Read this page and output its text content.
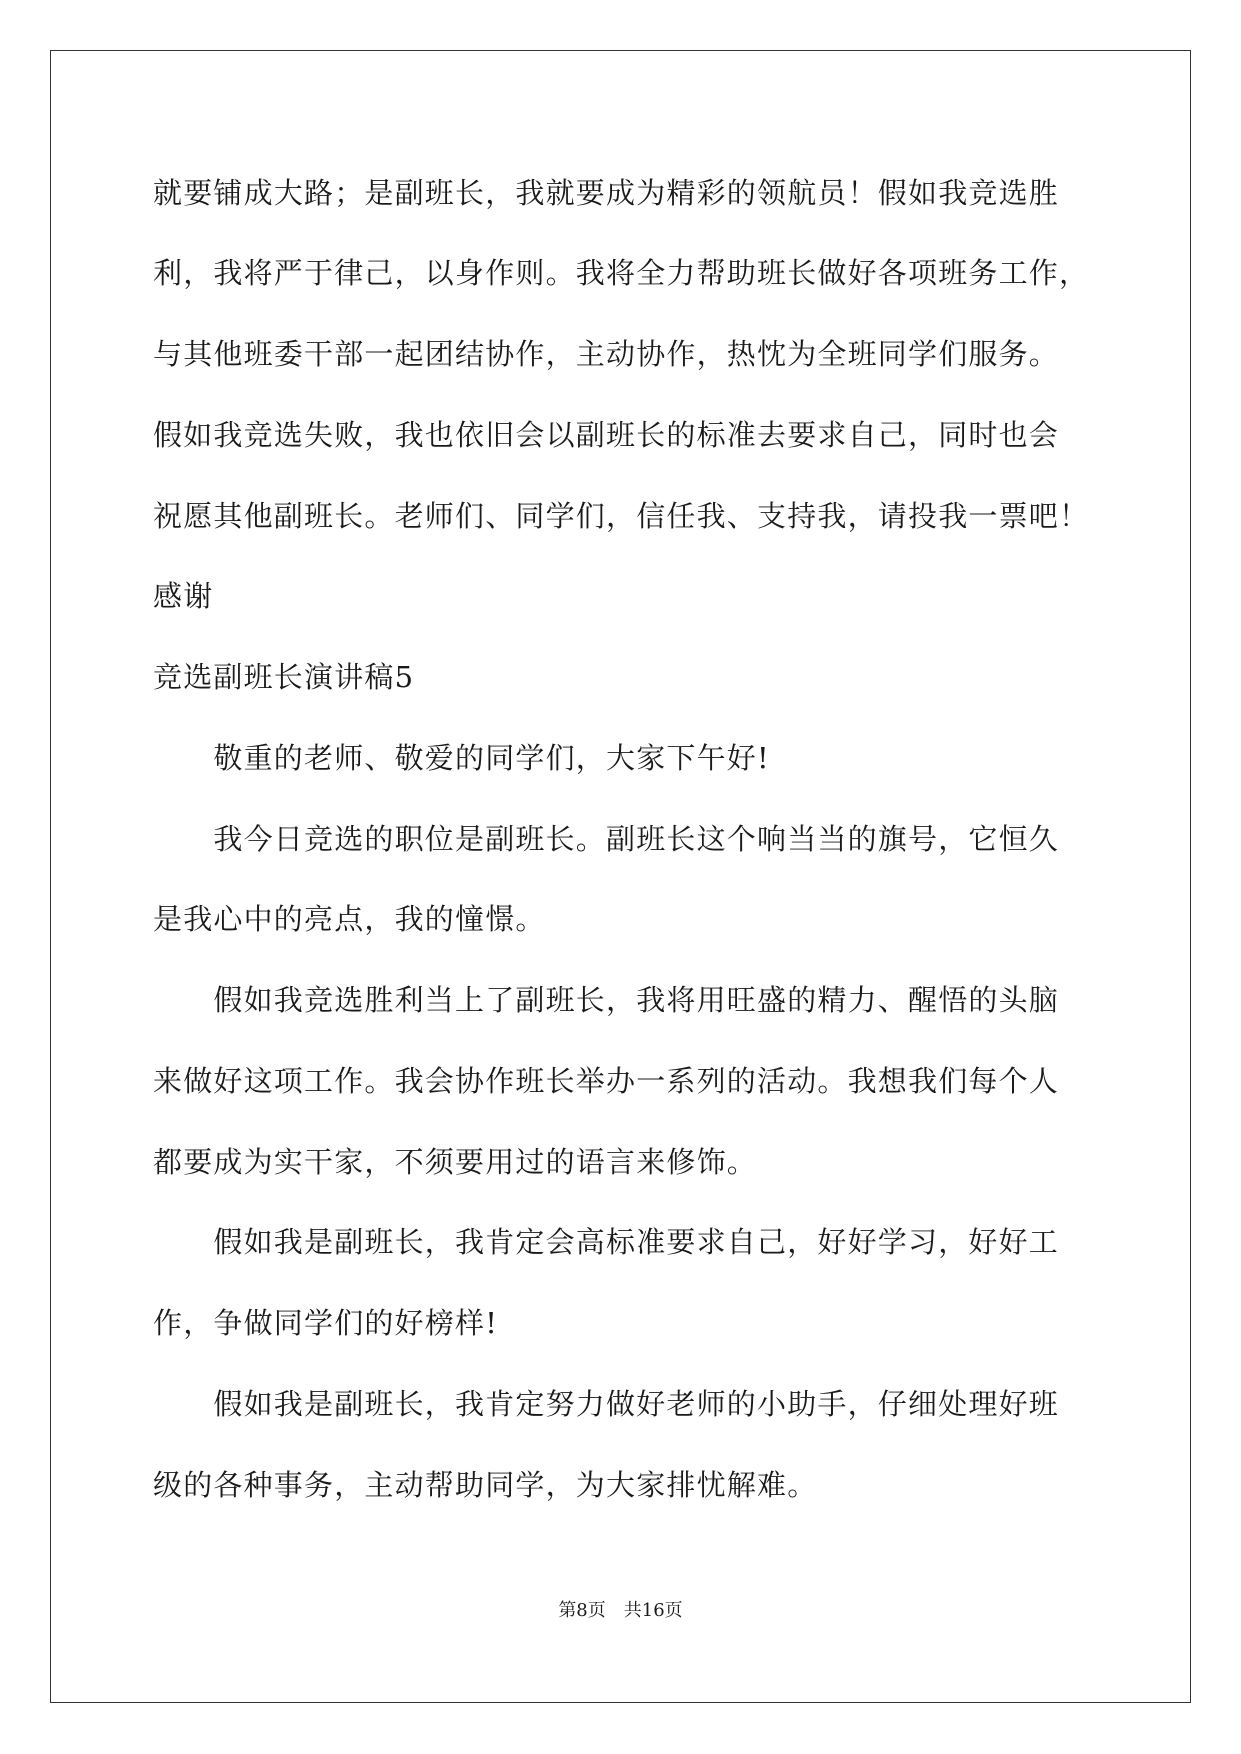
就要铺成大路；是副班长，我就要成为精彩的领航员！假如我竞选胜
利，我将严于律己，以身作则。我将全力帮助班长做好各项班务工作，
与其他班委干部一起团结协作，主动协作，热忱为全班同学们服务。
假如我竞选失败，我也依旧会以副班长的标准去要求自己，同时也会
祝愿其他副班长。老师们、同学们，信任我、支持我，请投我一票吧！
感谢
竞选副班长演讲稿5
　　敬重的老师、敬爱的同学们，大家下午好!
　　我今日竞选的职位是副班长。副班长这个响当当的旗号，它恒久
是我心中的亮点，我的憧憬。
　　假如我竞选胜利当上了副班长，我将用旺盛的精力、醒悟的头脑
来做好这项工作。我会协作班长举办一系列的活动。我想我们每个人
都要成为实干家，不须要用过的语言来修饰。
　　假如我是副班长，我肯定会高标准要求自己，好好学习，好好工
作，争做同学们的好榜样!
　　假如我是副班长，我肯定努力做好老师的小助手，仔细处理好班
级的各种事务，主动帮助同学，为大家排忧解难。
第8页 共16页
